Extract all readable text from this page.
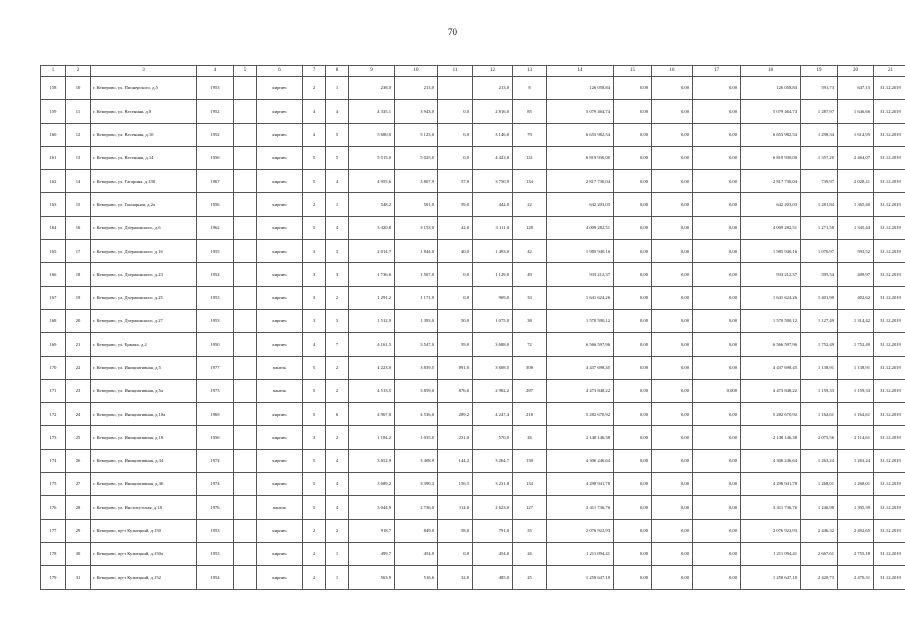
70
1	2	3	4	5	6	7	8	9	10	11	12	13	14	15	16	17	18	19	20	21
158	10	г. Кемерово, ул. Пионерского, д.5	1953		кирпич	2	1	238,0	213,0		213,0	8	126 058,84	0,00	0,00	0,00	126 058,84	591,73	647,13	31.12.2019
159	11	г. Кемерово, ул. Весенняя, д.8	1952		кирпич	4	4	4 335,1	3 943,0	0,0	2 816,0	85	5 079 464,74	0,00	0,00	0,00	5 079 464,74	1 287,97	1 646,66	31.12.2019
160	12	г. Кемерово, ул. Весенняя, д.10	1952		кирпич	4	5	5 680,0	5 125,0	0,0	3 146,0	79	6 653 982,54	0,00	0,00	0,00	6 653 982,54	1 298,34	1 614,95	31.12.2019
161	13	г. Кемерово, ул. Весенняя, д.14	1956		кирпич	5	5	5 515,0	5 025,0	0,0	4 423,0	121	6 819 930,00	0,00	0,00	0,00	6 819 930,00	1 357,20	2 464,07	31.12.2019
162	14	г. Кемерово, ул. Гагарина, д.138	1967		кирпич	5	4	4 955,6	3 807,9	57,0	3 750,9	134	2 817 730,04	0,00	0,00	0,00	2 817 730,04	739,97	2 028,21	31.12.2019
163	15	г. Кемерово, ул. Гончарная, д.2а	1956		кирпич	2	1	548,2	501,0	59,0	442,0	22	642 203,03	0,00	0,00	0,00	642 203,03	1 281,84	1 365,40	31.12.2019
164	16	г. Кемерово, ул. Дзержинского, д.6	1962		кирпич	5	4	3 420,8	3 153,0	42,0	3 111,0	128	4 009 282,51	0,00	0,00	0,00	4 009 282,51	1 271,58	1 345,44	31.12.2019
165	17	г. Кемерово, ул. Дзержинского, д.16	1955		кирпич	3	3	2 014,7	1 844,0	40,0	1 493,0	42	1 985 940,16	0,00	0,00	0,00	1 985 940,16	1 076,97	593,52	31.12.2019
166	18	г. Кемерово, ул. Дзержинского, д.23	1954		кирпич	3	3	1 736,6	1 567,0	0,0	1 129,0	49	933 212,37	0,00	0,00	0,00	933 212,37	595,54	409,97	31.12.2019
167	19	г. Кемерово, ул. Дзержинского, д.25	1953		кирпич	3	2	1 291,2	1 171,0	0,0	969,0	33	1 641 624,26	0,00	0,00	0,00	1 641 624,26	1 401,90	402,62	31.12.2019
168	20	г. Кемерово, ул. Дзержинского, д.27	1953		кирпич	3	3	1 512,9	1 393,0	50,0	1 075,0	38	1 570 590,12	0,00	0,00	0,00	1 570 590,12	1 127,49	1 314,42	31.12.2019
169	21	г. Кемерово, ул. Ермака, д.2	1950		кирпич	4	7	4 161,5	3 547,0	59,0	3 688,0	72	6 566 597,96	0,00	0,00	0,00	6 566 597,96	1 752,49	1 752,49	31.12.2019
170	22	г. Кемерово, ул. Инициативная, д.5	1977		панель	5	2	4 223,0	3 839,5	891,0	3 608,5	308	4 437 698,45	0,00	0,00	0,00	4 437 698,45	1 138,91	1 138,91	31.12.2019
171	23	г. Кемерово, ул. Инициативная, д.5а	1973		панель	5	2	4 513,5	3 859,0	876,6	2 982,2	287	4 473 848,22	0,00	0,00	0,000	4 473 848,22	1 159,33	1 159,33	31.12.2019
172	24	г. Кемерово, ул. Инициативная, д.18а	1969		кирпич	5	6	4 967,0	4 536,0	289,2	4 247,4	218	5 282 670,92	0,00	0,00	0,00	5 282 670,92	1 164,61	1 164,61	31.12.2019
173	25	г. Кемерово, ул. Инициативная, д.18	1956		кирпич	3	2	1 184,2	1 035,0	231,0	570,0	26	2 148 146,38	0,00	0,00	0,00	2 148 146,38	2 075,56	2 114,61	31.12.2019
174	26	г. Кемерово, ул. Инициативная, д.34	1974		кирпич	5	4	3 652,9	3 408,9	144,2	3 264,7	130	4 306 246,64	0,00	0,00	0,00	4 306 246,64	1 263,24	1 263,24	31.12.2019
175	27	г. Кемерово, ул. Инициативная, д.36	1974		кирпич	5	4	3 689,2	3 390,3	156,5	3 231,8	134	4 298 941,78	0,00	0,00	0,00	4 298 941,78	1 268,01	1 268,01	31.12.2019
176	28	г. Кемерово, ул. Институтская, д.18	1976		панель	5	4	3 044,9	2 736,0	114,0	2 623,0	127	3 411 736,76	0,00	0,00	0,00	3 411 736,76	1 246,98	1 305,39	31.12.2019
177	29	г. Кемерово, пр-т Кузнецкий, д.150	1953		кирпич	2	2	918,7	849,0	58,0	791,0	35	2 076 922,93	0,00	0,00	0,00	2 076 922,93	2 446,32	2 492,65	31.12.2019
178	30	г. Кемерово, пр-т Кузнецкий, д.150а	1953		кирпич	2	1	499,7	454,0	0,0	454,0	26	1 211 094,41	0,00	0,00	0,00	1 211 094,41	2 667,61	2 755,18	31.12.2019
179	31	г. Кемерово, пр-т Кузнецкий, д.152	1954		кирпич	2	1	563,9	516,6	32,0	485,0	25	1 250 647,10	0,00	0,00	0,00	1 250 647,10	2 420,73	2 470,31	31.12.2019
